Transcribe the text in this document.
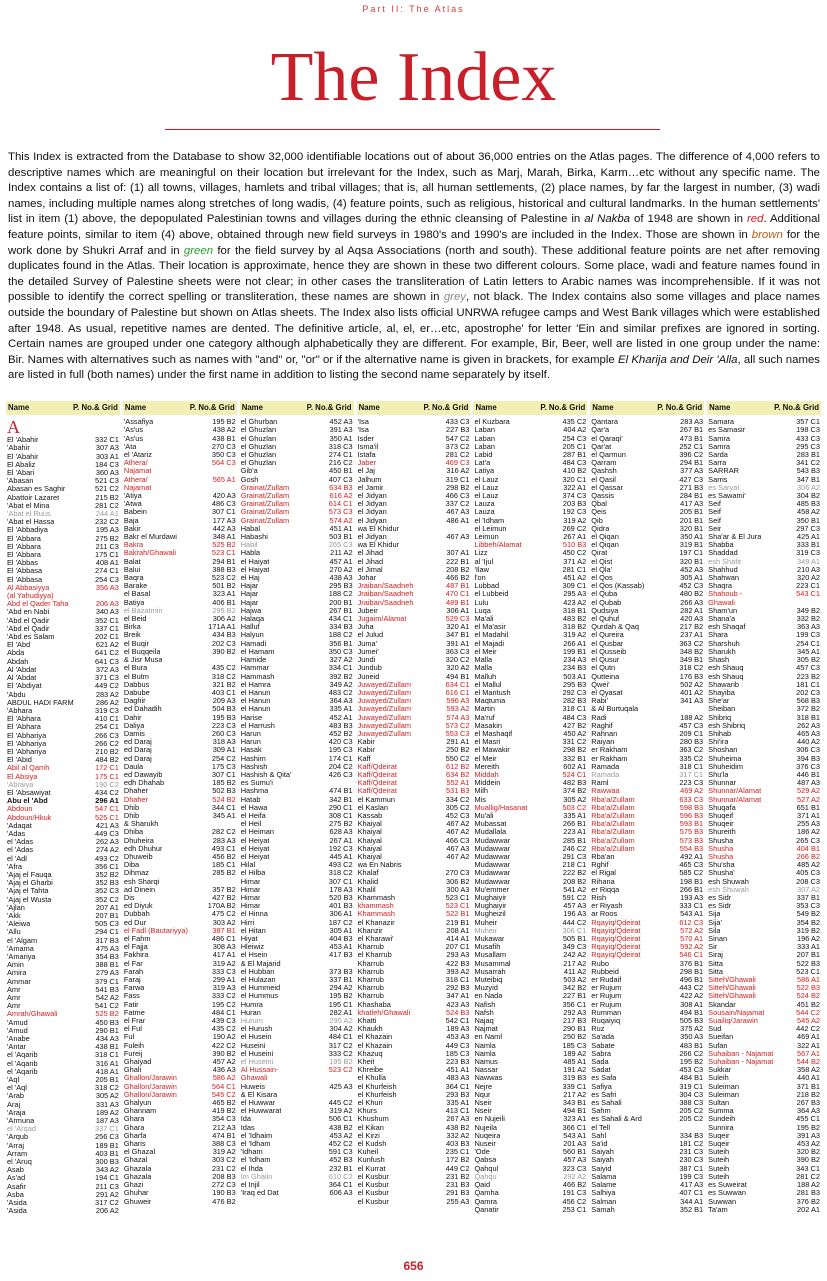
Part II: The Atlas
The Index

This Index is extracted from the Database to show 32,000 identifiable locations out of about 36,000 entries on the Atlas pages. The difference of 4,000 refers to descriptive names which are meaningful on their location but irrelevant for the Index, such as Marj, Marah, Birka, Karm…etc without any specific name. The Index contains a list of: (1) all towns, villages, hamlets and tribal villages; that is, all human settlements, (2) place names, by far the largest in number, (3) wadi names, including multiple names along stretches of long wadis, (4) feature points, such as religious, historical and cultural landmarks. In the human settlements' list in item (1) above, the depopulated Palestinian towns and villages during the ethnic cleansing of Palestine in al Nakba of 1948 are shown in red. Additional feature points, similar to item (4) above, obtained through new field surveys in 1980's and 1990's are included in the Index. Those are shown in brown for the work done by Shukri Arraf and in green for the field survey by al Aqsa Associations (north and south). These additional feature points are net after removing duplicates found in the Atlas. Their location is approximate, hence they are shown in these two different colours. Some place, wadi and feature names found in the detailed Survey of Palestine sheets were not clear; in other cases the transliteration of Latin letters to Arabic names was incomprehensible. If it was not possible to identify the correct spelling or transliteration, these names are shown in grey, not black. The Index contains also some villages and place names outside the boundary of Palestine but shown on Atlas sheets. The Index also lists official UNRWA refugee camps and West Bank villages which were established after 1948. As usual, repetitive names are dented. The definitive article, al, el, er…etc, apostrophe' for letter 'Ein and similar prefixes are ignored in sorting. Certain names are grouped under one category although alphabetically they are different. For example, Bir, Beer, well are listed in one group under the name: Bir. Names with alternatives such as names with "and" or, "or" or if the alternative name is given in brackets, for example El Kharija and Deir 'Alla, all such names are listed in full (both names) under the first name in addition to listing the second name separately by itself.

Name	P. No.& Grid
A
El 'Abahir	332 C1
'Abahir	307 A3
El 'Abahir	303 A1
El Abaliz	184 C3
El 'Abari	360 A3
'Abasan	521 C3
Abasan es Saghir	521 C2
Abattoir Lazaret	215 B2
'Abat el Mina	281 C2
'Abat el Ruus	244 A1
'Abat el Hassa	232 C2
El 'Abbadiya	195 A3
El 'Abbara	275 B2
El 'Abbara	211 C3
El 'Abbara	175 C1
El 'Abbas	408 A1
El 'Abbasa	274 C1
El 'Abbasa	254 C3
Al Abbasiyya	356 A3
(al Yahudiyya)
Abd el Qader Taha	206 A3
'Abd en Nabi	340 A3
'Abd el Qadir	352 C1
'Abd el Qadir	337 C1
'Abd es Salam	202 C1
El 'Abd	621 A2
Abda	641 C2
Abdah	641 C3
Al 'Abdat	372 A3
Al 'Abdat	371 C3
El 'Abdiyat	449 C2
'Abdu	283 A2
ABDUL HADI FARM	286 A2
'Abhara	319 C3
El 'Abhara	410 C1
El 'Abhara	254 C1
El 'Abhariya	266 C3
El 'Abhariya	266 C2
El 'Abhariya	210 B2
El 'Abid	484 B2
Abil al Qamh	172 C1
El Absiya	175 C1
'Abraiya	190 C2
El 'Absawiyat	434 C2
Abu el 'Abd	296 A1
Abdoun	547 C1
Abdoun/Hkuk	525 C1
'Adaqat	421 A3
'Adas	449 C3
el 'Adas	262 A3
el 'Adas	274 A2
el 'Adl	493 C2
'Afra	356 C1
'Ajaj el Fauqa	352 B2
'Ajaj el Gharbi	352 B3
'Ajaj el Tahta	352 C3
'Ajaj el Wusta	352 C2
'Ajlan	207 A1
'Akk	207 B1
'Aleiwa	505 C3
'Allu	294 C1
el 'Algam	317 B3
'Amama	475 A3
'Amariya	354 B3
Amin	388 B1
Amira	279 A3
Ammar	379 C1
Amr	541 B3
Amr	542 A2
Amr	541 C2
Amrah/Ghawali	525 B2
'Amud	450 B3
'Amud	290 B1
'Anabe	434 A3
'Antar	438 B1
el 'Aqarib	318 C1
el 'Aqarib	316 A1
el 'Aqarib	418 A1
'Aql	205 B1
el 'Aql	318 C2
'Arab	305 A2
Araj	331 A3
'Araja	189 A2
'Armuna	187 A3
el 'Arqad	337 C1
'Arqub	256 C3
'Arraj	189 B1
Arram	403 B1
el 'Aruq	300 B3
Asab	343 A2
As'ad	194 C1
Asafir	211 C3
Asba	291 A2
'Asida	317 C2
'Asida	206 A2
Name	P. No.& Grid
'Assafiya	195 B2
'As'us	438 A2
'As'us	438 B1
'Ata	270 C3
el 'Atariz	350 C3
Athera/	564 C3
Najamat
Athera/	565 A1
Najamat
'Atiya	420 A3
'Atwa	486 C3
Babein	307 C1
Baja	177 A3
Bakir	442 A3
Bakr el Murdawi	348 A1
Bakra	525 B2
Bakrah/Ghawali	523 C1
Balat	294 B1
Balui	388 B3
Baqra	523 C2
Barake	501 B2
el Basal	323 A1
Batiya	406 B1
el Bazatmin	295 B2
el Beid	306 A2
Birka	171A A1
Breik	434 B3
el Buqir	202 C3
el Buqqeila	390 B2
& Jisr Musa
el Bura	435 C2
el Butm	318 C2
Dabbus	321 B2
Dabube	403 C1
Daghir	209 A3
ed Dahadih	504 B3
Dahir	195 B3
Daliya	223 C3
Damis	260 C3
ed Daraj	318 A3
ed Daraj	309 A1
ed Daraj	254 C2
Daula	175 C3
ed Dawayib	307 C1
edh Dhahab	185 B2
Dhaher	502 B3
Dhaher	524 B2
Dhib	344 C1
Dhib	345 A1
& Sharukh
Dhiba	282 C2
Dhuheira	283 A3
edh Dhuhur	493 C1
Dhuweib	456 B2
Diba	185 C1
Dihmaz	285 B2
esh Sharqi
ad Dinein	357 B2
Dis	427 B2
ed Diyuk	170A B2
Dubbah	475 C2
ed Dur	303 A2
el Fadl (Bautariyya)	387 B1
el Fahm	486 C1
el Fajja	308 A3
Fakhira	417 A1
el Far	319 A2
Farah	333 C3
Faraj	299 A1
Farwa	319 A3
Fass	333 C2
Fatir	195 C2
Fatme	484 C1
el Frar	439 C3
el Ful	435 C2
Ful	190 A2
Fuleih	422 C2
Fureij	390 B2
Ghaiyad	457 A2
Ghali	436 A3
Ghallon/Jarawin	586 A2
Ghallon/Jarawin	564 C1
Ghallon/Jarawin	545 C2
Ghalyun	465 B2
Ghannam	419 B2
Ghara	354 C3
Ghara	212 A3
Gharfa	474 B1
Gharis	388 C3
el Ghazal	319 A2
Ghazal	303 C2
Ghazala	231 C2
Ghazala	208 B3
Ghazi	272 C3
Ghuhar	190 B3
Ghuweir	476 B2
Name	P. No.& Grid
el Ghurban	452 A3
el Ghuzlan	391 A3
el Ghuzlan	350 A1
el Ghuzlan	318 C3
el Ghuzlan	274 C1
el Ghuzlan	216 C2
Gib'a	450 B1
Gosh	407 C3
Grainat/Zullam	634 B3
Grainat/Zullam	616 A2
Grainat/Zullam	614 C1
Grainat/Zullam	573 C3
Grainat/Zullam	574 A2
Habal	451 A1
Habashi	503 B1
Habil	265 C3
Habla	211 A2
el Haiyat	457 A1
el Haiyat	270 A2
el Haj	438 A3
Hajar	295 B3
Hajar	188 C2
Hajar	200 B1
Hajwa	267 B1
Halaqa	434 C1
Halluf	334 B3
Halyun	188 C2
Hamadi	356 B1
el Hamam	350 C3
Hamide	327 A2
Hammar	334 C1
Hammash	392 B2
el Hamra	349 A2
el Hanun	483 C2
el Hanun	364 A3
el Hanun	335 A1
Harise	452 A1
el Harrush	483 B3
Harun	452 B2
Harun	420 C3
Hasak	195 C3
Hashim	174 C1
Hashish	204 C2
Hashish & Qita'	426 C3
es Sumu'i
Hashma	474 B1
Hatab	342 B1
el Hawa	290 C1
el Heifa	308 C1
el Heil	275 B2
el Heiman	628 A3
el Heiyat	267 A1
el Heiyat	192 C3
el Heiyat	445 A1
Hilal	493 C2
el Hilba	318 C2
Himar	307 C1
Himar	178 A3
Himar	520 B3
Himar	401 B3
el Hinna	306 A1
Hirri	187 C2
el Hitan	305 A1
Hiyat	404 B3
Hleiwiz	453 A1
el Hsein	417 B3
& El Majarid
el Hubban	373 B3
el Hulazan	337 B1
el Hummeid	294 A2
el Hummus	195 B2
Humra	195 C1
Huran	282 A1
Hurum	295 A2
el Hurush	304 A2
el Husein	484 C1
Huseini	317 C2
el Huseini	333 C2
el Huseini	195 B2
Al Hussain-	523 C2
Ghawali
Huweis	425 A3
& El Kisara
el Huwwar	445 C2
el Huwwarat	319 A2
Ida	506 C1
Idas	438 B2
el 'Idhaim	453 A2
el 'Idham	452 C2
'Idham	591 C3
el 'Idham	452 B3
el Ihda	232 B1
Im Ghalin	610 C2
el Injil	364 C1
'Iraq ed Dat	606 A3
Name	P. No.& Grid
'Isa	433 C3
'Isa	227 B3
Isder	547 C2
Isma'il	373 C2
Istafa	281 C2
Jaber	469 C3
el Jaj	316 A2
Jalhum	319 C1
el Jamir	298 B2
el Jidyan	466 C3
el Jidyan	337 C2
el Jidyan	467 A3
el Jidyan	486 A1
wa El Khidur
el Jidyan	467 A3
wa El Khidur
el Jihad	307 A1
el Jihad	222 B1
el Jimal	208 B2
Johar	466 B2
Jraiban/Saadneh	487 B1
Jraiban/Saadneh	470 C1
Jraiban/Saadneh	489 B1
Jubeir	306 A1
Jugaim/Alamat	529 C3
Juha	320 A1
el Julud	347 B1
Juma'	391 A1
Jumei'	363 C3
Jundi	320 C2
Jundub	320 A2
Juneid	494 B1
Juwayed/Zullam	634 C1
Juwayed/Zullam	616 C1
Juwayed/Zullam	596 A3
Juwayed/Zullam	593 A2
Juwayed/Zullam	574 A3
Juwayed/Zullam	573 C2
Juwayed/Zullam	553 C3
Kabir	291 A1
Kabir	250 B2
Kaff	550 C2
Kaff/Qdeirat	612 B2
Kaff/Qdeirat	634 B2
Kaff/Qdeirat	552 A1
Kaff/Qdeirat	531 B3
el Kammun	334 C2
el Kaslan	305 C2
Kassab	452 C3
Khaiyal	467 A2
Khaiyal	467 A2
Khaiyal	466 C3
Khaiyal	467 A3
Khaiyal	467 A2
wa En Nabris
Khalaf	270 C3
Khalid	306 B2
Khalil	300 A3
Khammash	523 C1
khammash	523 C1
Khammash	522 B1
el Khanazir	219 B1
Khanzir	208 A1
el Kharawi'	414 A1
Kharrub	207 C1
el Kharrub	293 A3
Kharrub	422 B3
Kharrub	393 A2
Kharrub	318 C1
Kharrub	292 B3
Kharrub	347 A1
Khashaba	423 A3
khatleh/Ghawali	524 B3
Khatti	542 C1
Khaukh	189 A3
el Khazain	453 A3
el Khazain	449 C3
Khazuq	185 C3
Kheit	223 B3
Khreibe	451 A1
el Khulla	483 A3
el Khurfeish	364 C1
el Khurfeish	293 B3
el Khuri	335 A1
Khurs	413 C1
Khushum	267 A3
el Kikan	438 B2
el Kirzi	332 A2
el Kudsh	403 B3
Kuheil	235 C1
Kunfush	172 B2
el Kurrat	449 C2
el Kusbur	231 B2
el Kusbur	231 B3
el Kusbur	291 B3
el Kusbur	255 A3
Name	P. No.& Grid
el Kuzbara	435 C2
Laban	404 A2
Laban	254 C3
Laban	205 C1
Labid	287 B1
Lat'a	484 C3
Latiya	410 B2
el Lauz	320 C1
el Lauz	322 A1
el Lauz	374 C3
Lauza	203 B3
Lauza	192 C3
el 'Idham	319 A2
el Leimun	269 C2
Leimun	267 A1
Libbeh/Alamat	510 B3
Lizz	450 C2
al 'Ijul	371 A2
'Ilaw	281 C1
l'on	451 A2
Lubbad	309 C1
el Lubbeid	295 A3
Lulu	423 A2
Luqa	318 B1
Ma'ali	483 B2
el Ma'asir	318 B2
el Madahil	319 A2
el Majadi	266 A1
el Meir	199 B1
Malla	234 A3
Malla	234 B3
Malluh	503 A1
el Mallul	295 B3
el Mantush	292 C3
Maqtuma	282 B3
Martin	318 C1
Ma'ruf	484 C3
Masakin	427 B2
el Mashaqif	450 A2
el Masri	331 C2
el Mawakir	298 B2
el Meir	332 B1
Mereith	602 A1
Middah	524 C1
Middein	482 B3
Milh	374 B2
Mis	305 A2
Muallig/Hasanat	503 C2
Mu'ali	335 A1
Mubassat	266 B1
Mudallala	223 A1
Mudawwar	285 B1
Mudawwar	246 C2
Mudawwar	291 C3
Mudawwar	218 C1
Mudawwar	222 B2
Mudawwar	208 B2
Mu'emmer	541 A2
Mughaiyir	591 C2
Mughaiyir	457 A3
Mugheizil	196 A3
Muheir	444 C2
Muheir	306 C1
Mukawar	505 B1
Musafih	349 C3
Musallam	242 A2
Musammal	217 A2
Musarrah	411 A2
Muteibiq	503 A2
Muzyid	342 B2
en Nada	227 B1
Nafish	356 C1
Nafsh	292 A3
Najaq	217 B3
Najmat	290 B1
en Naml	250 B2
Namla	185 C3
Namla	189 A2
Namus	485 A1
Nassar	191 A2
Nawwas	319 B3
Nejre	339 C1
Nqur	217 A2
Nseir	343 B1
Nseir	494 B1
en Nujeili	323 A1
Nujeila	366 C1
Nuqeira	543 A1
Nuseir	201 A3
'Ode	560 B1
Qabsa	457 A3
Qahqul	323 C3
Qahqu	292 A2
Qaid	466 B2
Qamha	191 C3
Qamra	456 C2
Qanatir	253 C1
Name	P. No.& Grid
Qantara	283 A3
Qar'a	267 B1
el Qaraqi'	473 B1
Qar'at	252 C1
el Qarmun	396 C2
Qarram	294 B1
Qashsh	377 A3
el Qasil	427 C3
el Qassar	271 B3
Qassis	284 B1
Qbal	417 A3
Qeis	205 B1
Qib	201 B1
Qidra	320 B1
el Qiqan	350 A1
el Qiqan	319 B1
Qirat	197 C1
el Qist	320 B1
el Qla'	452 A3
el Qos	305 A1
el Qos (Kassab)	452 C3
el Quba	480 B2
el Qubab	266 A3
Qudsiya	282 A1
el Quhuf	420 A3
Qurdah & Qaq	217 B2
el Qureira	237 A1
el Qusbar	363 C2
el Qusseib	348 B2
el Qusur	349 B1
el Qutn	318 C2
Qutteina	176 B3
Qwei'	502 A2
el Qyasat	401 A2
Rabi'	341 A3
& Al Burtuqala
Radi	188 A2
Raghif	457 C3
Rahnan	209 C1
Raiyan	280 B3
er Rakham	363 C2
er Rakham	335 C2
Ramada	318 C1
Ramada	317 C1
Raml	223 C3
Rawwaa	469 A2
Rba'a/Zullam	633 C3
Rba'a/Zullam	598 B3
Rba'a/Zullam	596 B3
Rba'a/Zullam	593 B1
Rba'a/Zullam	575 B3
Rba'a/Zullam	573 B3
Rba'a/Zullam	554 B3
Rba'an	492 A1
Rghif	465 C3
el Rigal	585 C2
Rihana	198 B1
er Riqqa	266 B1
Rish	193 A3
er Riyash	333 C1
ar Roos	543 A1
Rqayiq/Qdeirat	612 C3
Rqayiq/Qdeirat	572 A2
Rqayiq/Qdeirat	570 A1
Rqayiq/Qdeirat	592 A2
Rqayiq/Qdeirat	546 C1
Rubo	376 B1
Rubbeid	298 B1
er Rudaif	496 B1
er Rujum	443 C2
er Rujum	422 A2
er Rujum	308 A1
Rumman	494 B1
Ruqaiyiq	505 B3
Ruz	375 A2
Sa'ada	350 A3
Sabate	483 B1
Sabra	266 C2
Sada	195 B2
Sadat	453 C3
es Safa	484 B1
Safiya	319 C1
es Safri	304 C3
es Sahali	388 C3
Sahm	205 C2
es Sahali & Ard	205 C2
el Tell
Sahl	334 B3
Sa'id	181 C2
Saiyah	231 C3
Saiyah	230 C3
Saiyid	387 C1
Salama	199 C3
Salame	417 A3
Salhiya	407 C1
Salman	344 A1
Samah	352 B1
Name	P. No.& Grid
Samara	357 C1
es Samasir	198 C3
Samra	433 C3
Samra	295 C3
Sarda	283 B1
Sarra	341 C2
SARRAR	543 B3
Sarris	347 B1
es Saryat	306 A2
es Sawami'	304 B2
Seif	485 B3
Seif	458 A2
Seif	350 B1
Seir	297 C3
Sha'ar & El Jura	425 A1
Shabba	333 B1
Shaddad	319 C3
esh Shafit	349 A1
Shahhud	210 A3
Shahwan	320 A2
Shaqra	223 C1
Shahoub -	543 C1
Ghawali
Sham'un	349 B2
Shana'a	332 B2
esh Shaqaf	363 A3
Shara	199 C3
Sharshuh	254 C1
Sharukh	345 A1
Shash	305 B2
esh Shauq	457 C3
esh Shauq	223 B2
Shawarib	181 C1
Shayiba	202 C3
She'ar	568 B3
Sheiban	372 B2
Shibriq	318 B1
esh Shibriq	262 A3
Shihab	465 A3
Shi'ira	440 A2
Shoshan	306 C3
Shuheima	394 B3
Shuheidim	376 C3
Shu'la	446 B1
Shunnar	487 A3
Shunnar/Alamat	529 A2
Shunnar/Alamat	527 A2
Shuqafa	651 B1
Shuqeif	371 A1
Shuqeir	255 A3
Shureith	186 A2
Shusha	265 C3
Shusha	404 B1
Shusha	266 B2
Shu'sha	485 A2
Shusha'	405 C3
esh Shuwah	208 C3
esh Shuwah	307 A2
es Sidr	337 B1
es Sidr	353 C3
Sija	549 B2
Sija'	354 B2
Sila	319 B2
Sinan	196 A2
Sir	333 A1
Siraj	207 B1
Sitta	522 B3
Sitta	523 C1
Sitteh/Ghawali	586 A1
Sitteh/Ghawali	522 B3
Sitteh/Ghawali	524 B2
Skandar	451 B2
Sousain/Najamat	544 C2
Suailiq/Jarawin	545 A2
Sud	442 C2
Sueifan	469 A1
Sufan	322 A1
Suhaiban - Najamat	567 A1
Suhaiban - Najamat	544 B2
Sukkar	358 A2
Suleih	440 A1
Suleiman	371 B1
Suleiman	218 B2
Sultan	267 B3
Summa	364 A3
Sundeih	455 C1
Sunnira	195 B2
Suqeir	391 A3
Suqeir	453 A2
Suteih	320 B2
Suteih	390 B2
Suteih	343 C1
Suteih	281 C2
es Suweirat	188 A2
es Suwwan	281 B3
Suwwan	376 B2
Ta'am	202 A1
656
